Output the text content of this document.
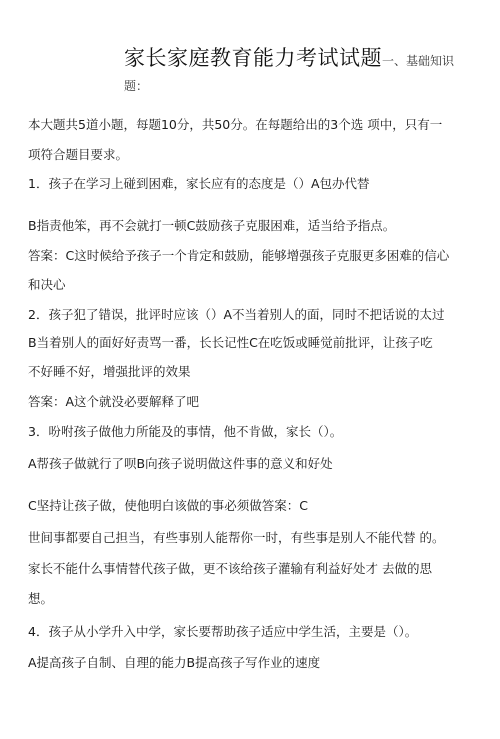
家长家庭教育能力考试试题一、基础知识
题：
本大题共5道小题，每题10分，共50分。在每题给出的3个选 项中，只有一
项符合题目要求。
1．孩子在学习上碰到困难，家长应有的态度是（）A包办代替
B指责他笨，再不会就打一顿C鼓励孩子克服困难，适当给予指点。
答案：C这时候给予孩子一个肯定和鼓励，能够增强孩子克服更多困难的信心
和决心
2．孩子犯了错误，批评时应该（）A不当着别人的面，同时不把话说的太过
B当着别人的面好好责骂一番，长长记性C在吃饭或睡觉前批评，让孩子吃
不好睡不好，增强批评的效果
答案：A这个就没必要解释了吧
3．吩咐孩子做他力所能及的事情，他不肯做，家长（）。
A帮孩子做就行了呗B向孩子说明做这件事的意义和好处
C坚持让孩子做，使他明白该做的事必须做答案：C
世间事都要自己担当，有些事别人能帮你一时，有些事是别人不能代替 的。
家长不能什么事情替代孩子做，更不该给孩子灌输有利益好处才 去做的思
想。
4．孩子从小学升入中学，家长要帮助孩子适应中学生活，主要是（）。
A提高孩子自制、自理的能力B提高孩子写作业的速度
